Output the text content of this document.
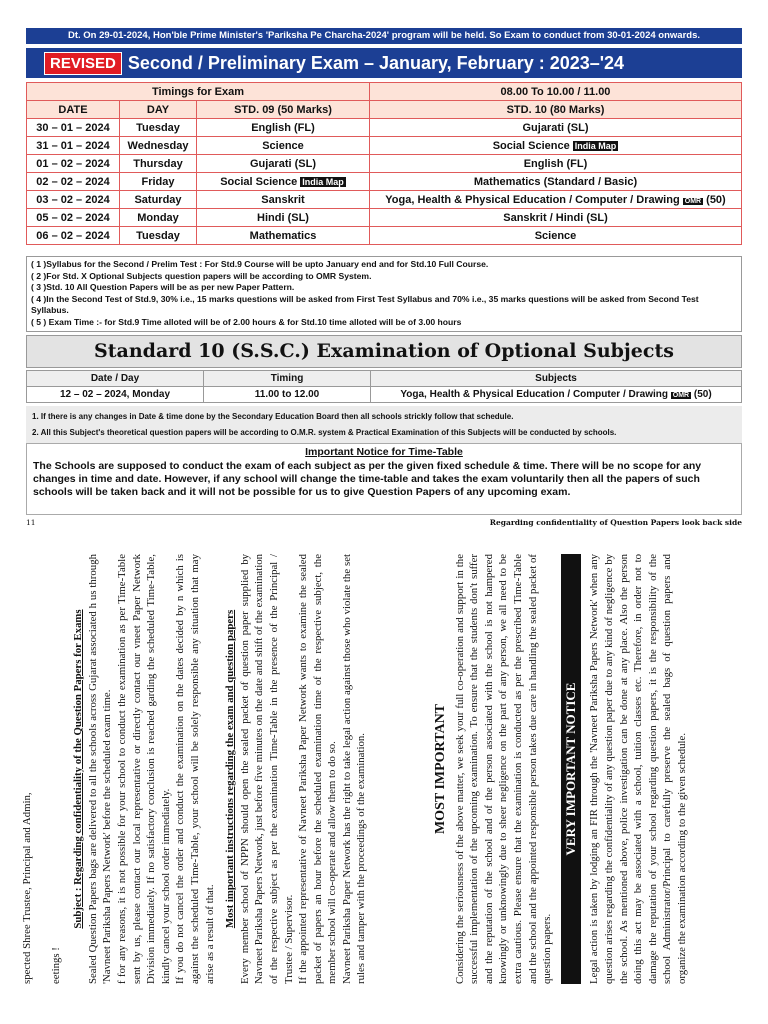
Dt. On 29-01-2024, Hon'ble Prime Minister's 'Pariksha Pe Charcha-2024' program will be held. So Exam to conduct from 30-01-2024 onwards.
REVISED Second / Preliminary Exam – January, February : 2023–'24
Timings for Exam			08.00 To 10.00 / 11.00
DATE	DAY	STD. 09 (50 Marks)	STD. 10 (80 Marks)
30 – 01 – 2024	Tuesday	English (FL)	Gujarati (SL)
31 – 01 – 2024	Wednesday	Science	Social Science India Map
01 – 02 – 2024	Thursday	Gujarati (SL)	English (FL)
02 – 02 – 2024	Friday	Social Science India Map	Mathematics (Standard / Basic)
03 – 02 – 2024	Saturday	Sanskrit	Yoga, Health & Physical Education / Computer / Drawing OMR (50)
05 – 02 – 2024	Monday	Hindi (SL)	Sanskrit / Hindi (SL)
06 – 02 – 2024	Tuesday	Mathematics	Science
( 1 )Syllabus for the Second / Prelim Test : For Std.9 Course will be upto January end and for Std.10 Full Course.
( 2 )For Std. X Optional Subjects question papers will be according to OMR System.
( 3 )Std. 10 All Question Papers will be as per new Paper Pattern.
( 4 )In the Second Test of Std.9, 30% i.e., 15 marks questions will be asked from First Test Syllabus and 70% i.e., 35 marks questions will be asked from Second Test Syllabus.
( 5 ) Exam Time :- for Std.9 Time alloted will be of 2.00 hours & for Std.10 time alloted will be of 3.00 hours
Standard 10 (S.S.C.) Examination of Optional Subjects
Date / Day	Timing	Subjects
12 – 02 – 2024, Monday	11.00 to 12.00	Yoga, Health & Physical Education / Computer / Drawing OMR (50)
1. If there is any changes in Date & time done by the Secondary Education Board then all schools strickly follow that schedule.
2. All this Subject's theoretical question papers will be according to O.M.R. system & Practical Examination of this Subjects will be conducted by schools.
Important Notice for Time-Table
The Schools are supposed to conduct the exam of each subject as per the given fixed schedule & time. There will be no scope for any changes in time and date. However, if any school will change the time-table and takes the exam voluntarily then all the papers of such schools will be taken back and it will not be possible for us to give Question Papers of any upcoming exam.
11	Regarding confidentiality of Question Papers look back side

spected Shree Trustee, Principal and Admin, eetings !

Subject : Regarding confidentiality of the Question Papers for Exams Sealed Question Papers bags are delivered to all the schools across Gujarat associated h us through 'Navneet Pariksha Papers Network' before the scheduled exam time. f for any reasons, it is not possible for your school to conduct the examination as per Time-Table sent by us, please contact our local representative or directly contact our vneet Paper Network Division immediately. If no satisfactory conclusion is reached garding the scheduled Time-Table, kindly cancel your school order immediately. If you do not cancel the order and conduct the examination on the dates decided by n which is against the scheduled Time-Table, your school will be solely responsible any situation that may arise as a result of that.

Most important instructions regarding the exam and question papers Every member school of NPPN should open the sealed packet of question paper supplied by Navneet Pariksha Papers Network, just before five minutes on the date and shift of the examination of the respective subject as per the examination Time-Table in the presence of the Principal / Trustee / Supervisor. If the appointed representative of Navneet Pariksha Paper Network wants to examine the sealed packet of papers an hour before the scheduled examination time of the respective subject, the member school will co-operate and allow them to do so. Navneet Pariksha Paper Network has the right to take legal action against those who violate the set rules and tamper with the proceedings of the examination.	MOST IMPORTANT Considering the seriousness of the above matter, we seek your full co-operation and support in the successful implementation of the upcoming examination. To ensure that the students don't suffer and the reputation of the school and of the person associated with the school is not hampered knowingly or unknowingly due to sheer negligence on the part of any person, we all need to be extra cautious. Please ensure that the examination is conducted as per the prescribed Time-Table and the school and the appointed responsible person takes due care in handling the sealed packet of question papers.

VERY IMPORTANT NOTICE Legal action is taken by lodging an FIR through the 'Navneet Pariksha Papers Network' when any question arises regarding the confidentiality of any question paper due to any kind of negligence by the school. As mentioned above, police investigation can be done at any place. Also the person doing this act may be associated with a school, tuition classes etc. Therefore, in order not to damage the reputation of your school regarding question papers, it is the responsibility of the school Administrator/Principal to carefully preserve the sealed bags of question papers and organize the examination according to the given schedule.
